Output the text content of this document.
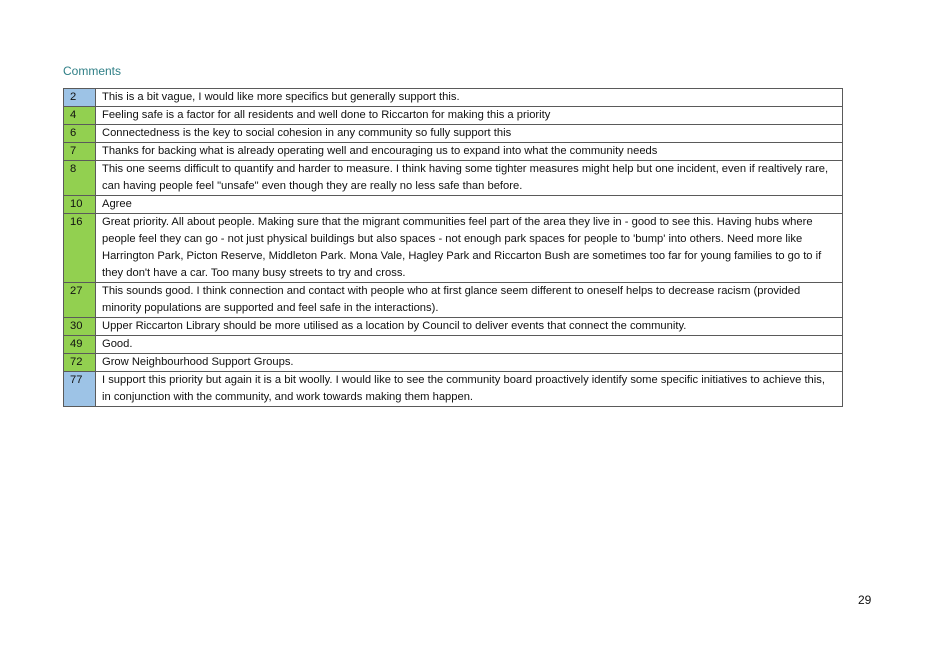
Comments
2	This is a bit vague, I would like more specifics but generally support this.
4	Feeling safe is a factor for all residents and well done to Riccarton for making this a priority
6	Connectedness is the key to social cohesion in any community so fully support this
7	Thanks for backing what is already operating well and encouraging us to expand into what the community needs
8	This one seems difficult to quantify and harder to measure. I think having some tighter measures might help but one incident, even if realtively rare, can having people feel "unsafe" even though they are really no less safe than before.
10	Agree
16	Great priority. All about people. Making sure that the migrant communities feel part of the area they live in - good to see this. Having hubs where people feel they can go - not just physical buildings but also spaces - not enough park spaces for people to 'bump' into others. Need more like Harrington Park, Picton Reserve, Middleton Park. Mona Vale, Hagley Park and Riccarton Bush are sometimes too far for young families to go to if they don't have a car. Too many busy streets to try and cross.
27	This sounds good. I think connection and contact with people who at first glance seem different to oneself helps to decrease racism (provided minority populations are supported and feel safe in the interactions).
30	Upper Riccarton Library should be more utilised as a location by Council to deliver events that connect the community.
49	Good.
72	Grow Neighbourhood Support Groups.
77	I support this priority but again it is a bit woolly. I would like to see the community board proactively identify some specific initiatives to achieve this, in conjunction with the community, and work towards making them happen.
29
